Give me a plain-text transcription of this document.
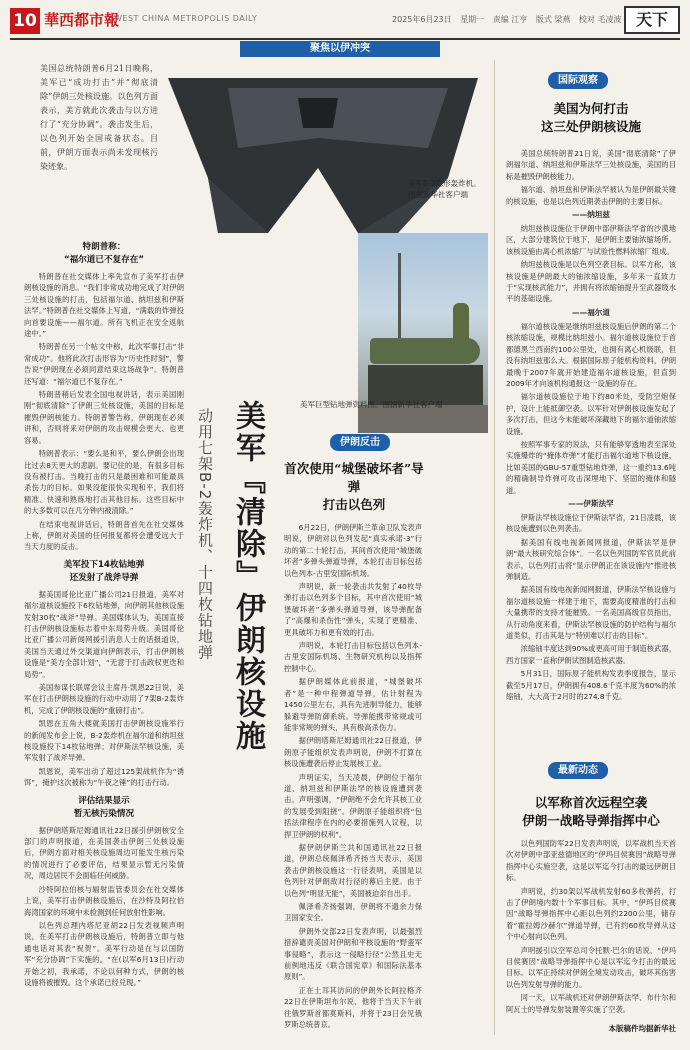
10 華西都市報
WEST CHINA METROPOLIS DAILY	2025年6月23日 星期一 责编 江亨 版式 梁燕 校对 毛凌波 天下
聚焦以伊冲突
美国总统特朗普6月21日晚称，美军已“成功打击”并“彻底清除”伊朗三处核设施。以色列方面表示，美方就此次袭击与以方进行了“充分协调”。袭击发生后，以色列开始全国戒备状态。目前，伊朗方面表示尚未发现核污染迹象。
美军B-2隐形轰炸机。图据新华社客户端
美军巨型钻地弹资料图。图据新华社客户端
美军『清除』伊朗核设施
动用七架B-2轰炸机、十四枚钻地弹
特朗普称：
“福尔道已不复存在”

特朗普在社交媒体上率先宣布了美军打击伊朗核设施的消息。“我们非常成功地完成了对伊朗三处核设施的打击，包括福尔道、纳坦兹和伊斯法罕。”特朗普在社交媒体上写道，“满载的炸弹投向首要设施——福尔道。所有飞机正在安全返航途中。”

特朗普在另一个帖文中称，此次军事打击“非常成功”。他将此次打击形容为“历史性时刻”，警告说“伊朗现在必须同意结束这场战争”。特朗普还写道：“福尔道已不复存在。”

特朗普稍后发表全国电视讲话，表示美国刚刚“彻底清除”了伊朗三处核设施，美国的目标是摧毁伊朗核能力。特朗普警告称，伊朗现在必须讲和，否则将来对伊朗的攻击规模会更大、也更容易。

特朗普表示：“要么是和平，要么伊朗会出现比过去8天更大的悲剧。要记住的是，有很多目标没有被打击。当晚打击的只是最困难和可能最具杀伤力的目标。如果没能很快实现和平，我们将精准、快速和熟练地打击其他目标。这些目标中的大多数可以在几分钟内被清除。”

在结束电视讲话后，特朗普首先在社交媒体上称，伊朗对美国的任何报复都将会遭受远大于当天力度的反击。

美军投下14枚钻地弹
还发射了战斧导弹

据美国哥伦比亚广播公司21日报道，美军对福尔道核设施投下6枚钻地弹，向伊朗其他核设施发射30枚“战斧”导弹。美国媒体认为，美国直接打击伊朗核设施标志着中东局势升级。美国哥伦比亚广播公司新闻网援引消息人士的话报道说，美国当天通过外交渠道向伊朗表示，打击伊朗核设施是“美方全部计划”，“无意于打击政权更迭和局势”。

美国参谋长联席会议主席丹·凯恩22日说，美军在打击伊朗核设施的行动中动用了7架B-2轰炸机，完成了伊朗核设施的“重磅打击”。

凯恩在五角大楼就美国打击伊朗核设施举行的新闻发布会上说，B-2轰炸机在福尔道和纳坦兹核设施投下14枚钻地弹；对伊斯法罕核设施，美军发射了战斧导弹。

凯恩说，美军出动了超过125架战机作为“诱饵”，掩护这次被称为“午夜之锤”的打击行动。

评估结果显示
暂无核污染情况

据伊朗塔斯尼姆通讯社22日援引伊朗核安全部门的声明报道，在美国袭击伊朗三处核设施后，伊朗方面对相关核设施周边可能发生核污染的情况进行了必要评估，结果显示暂无污染情况，周边居民不会面临任何威胁。

沙特阿拉伯核与辐射监管委员会在社交媒体上说，美军打击伊朗核设施后，在沙特及阿拉伯海湾国家的环境中未检测到任何放射性影响。

以色列总理内塔尼亚胡22日发表视频声明说，在美军打击伊朗核设施后，特朗普立即与他通电话对其表“祝贺”。美军行动是在与以国防军“充分协调”下实施的。“在(以军6月13日)行动开始之初，我承诺，不论以何种方式，伊朗的核设施将被摧毁。这个承诺已经兑现。”

伊朗反击
首次使用“城堡破坏者”导弹
打击以色列

6月22日，伊朗伊斯兰革命卫队发表声明说，伊朗对以色列发起“真实承诺-3”行动的第二十轮打击，其间首次使用“城堡破坏者”多弹头弹道导弹，本轮打击目标包括以色列本-古里安国际机场。

声明说，新一轮袭击共发射了40枚导弹打击以色列多个目标，其中首次使用“城堡破坏者”多弹头弹道导弹，该导弹配备了“高爆和杀伤性”弹头，实现了更精准、更具破坏力和更有效的打击。

声明说，本轮打击目标包括以色列本-古里安国际机场、生物研究机构以及指挥控制中心。

据伊朗媒体此前报道，“城堡破坏者”是一种中程弹道导弹，估计射程为1450公里左右，具有先进制导能力，能够躲避导弹防御系统。导弹能携带常规或可能非常规的弹头，具有极高杀伤力。

据伊朗塔斯尼姆通讯社22日报道，伊朗原子能组织发表声明说，伊朗不打算在核设施遭袭后停止发展核工业。

声明证实，当天凌晨，伊朗位于福尔道、纳坦兹和伊斯法罕的核设施遭到袭击。声明强调，“伊朗绝不会允许其核工业的发展受到阻挠”。伊朗原子能组织将“包括法律程序在内的必要措施列入议程，以捍卫伊朗的权利”。

据伊朗伊斯兰共和国通讯社22日报道，伊朗总统佩泽希齐扬当天表示，美国袭击伊朗核设施这一行径表明，美国是以色列针对伊朗敌对行径的幕后主使。由于以色列“明显无能”，美国被迫亲自出手。

佩泽希齐扬强调，伊朗将不遗余力保卫国家安全。

伊朗外交部22日发表声明，以最强烈措辞谴责美国对伊朗和平核设施的“野蛮军事侵略”，表示这一侵略行径“公然且史无前例地违反《联合国宪章》和国际法基本原则”。

正在土耳其访问的伊朗外长阿拉格齐22日在伊斯坦布尔说，他将于当天下午前往俄罗斯首都莫斯科，并将于23日会见俄罗斯总统普京。

国际观察
美国为何打击
这三处伊朗核设施

美国总统特朗普21日说，美国“彻底清除”了伊朗福尔道、纳坦兹和伊斯法罕三处核设施，美国的目标是摧毁伊朗核能力。

福尔道、纳坦兹和伊斯法罕被认为是伊朗最关键的核设施，也是以色列近期袭击伊朗的主要目标。

——纳坦兹

纳坦兹核设施位于伊朗中部伊斯法罕省的沙漠地区，大部分建筑位于地下，是伊朗主要铀浓缩场所。该核设施由离心机浓缩厂与试验性燃料浓缩厂组成。

纳坦兹核设施是以色列空袭目标。以军方称，该核设施是伊朗最大的铀浓缩设施，多年来一直致力于“实现核武能力”，并拥有将浓缩铀提升至武器级水平的基础设施。

——福尔道

福尔道核设施是继纳坦兹核设施后伊朗的第二个核浓缩设施，规模比纳坦兹小。福尔道核设施位于首都德黑兰西南约100公里处，也拥有离心机级联，但没有纳坦兹那么大。根据国际原子能机构资料，伊朗最晚于2007年就开始建造福尔道核设施，但直到2009年才向该机构通报这一设施的存在。

福尔道核设施位于地下约80米处，受防空炮保护，设计上能抵御空袭。以军针对伊朗核设施发起了多次打击，但这今未能破坏深藏地下的福尔道铀浓缩设施。

按照军事专家的说法，只有能够穿透地表至深处实施爆炸的“掩体炸弹”才能打击福尔道地下核设施，比如美国的GBU-57重型钻地炸弹，这一重约13.6吨的精确制导炸弹可攻击深埋地下、坚固的掩体和隧道。

——伊斯法罕

伊斯法罕核设施位于伊斯法罕省，21日凌晨，该核设施遭到以色列袭击。

据美国有线电视新闻网报道，伊斯法罕是伊朗“最大核研究综合体”。一名以色列国防军官员此前表示，以色列打击将“显示伊朗正在该设施内”推进核弹制造。

据美国有线电视新闻网报道，伊斯法罕核设施与福尔道核设施一样建于地下，需要高度精准的打击和大量携带的支持才能摧毁。一名美国高级官员指出，从行动角度来看，伊斯法罕核设施的防护结构与福尔道类似，打击其是与“特别难以打击的目标”。

浓缩铀丰度达到90%或更高可用于制造核武器，西方国家一直称伊朗试图制造核武器。

5月31日，国际原子能机构发表季度报告，显示截至5月17日，伊朗拥有408.6千克丰度为60%的浓缩铀，大大高于2月时的274.8千克。

最新动态
以军称首次远程空袭
伊朗一战略导弹指挥中心

以色列国防军22日发表声明说，以军战机当天首次对伊朗中部亚兹德地区的“伊玛目侯赛因”战略导弹指挥中心实施空袭，这是以军迄今打击的最远伊朗目标。

声明说，约30架以军战机发射60多枚弹药，打击了伊朗境内数十个军事目标。其中，“伊玛目侯赛因”战略导弹指挥中心距以色列约2200公里，储存着“霍拉姆沙赫尔”弹道导弹，已有约60枚导弹从这个中心射向以色列。

声明援引以空军总司令托默·巴尔的话说，“伊玛目侯赛因”战略导弹指挥中心是以军迄今打击的最远目标。以军正持续对伊朗全境发动攻击，破坏其伤害以色列发射导弹的能力。

同一天，以军战机还对伊朗伊斯法罕、布什尔和阿瓦士的导弹发射装置等实施了空袭。

本版稿件均据新华社
